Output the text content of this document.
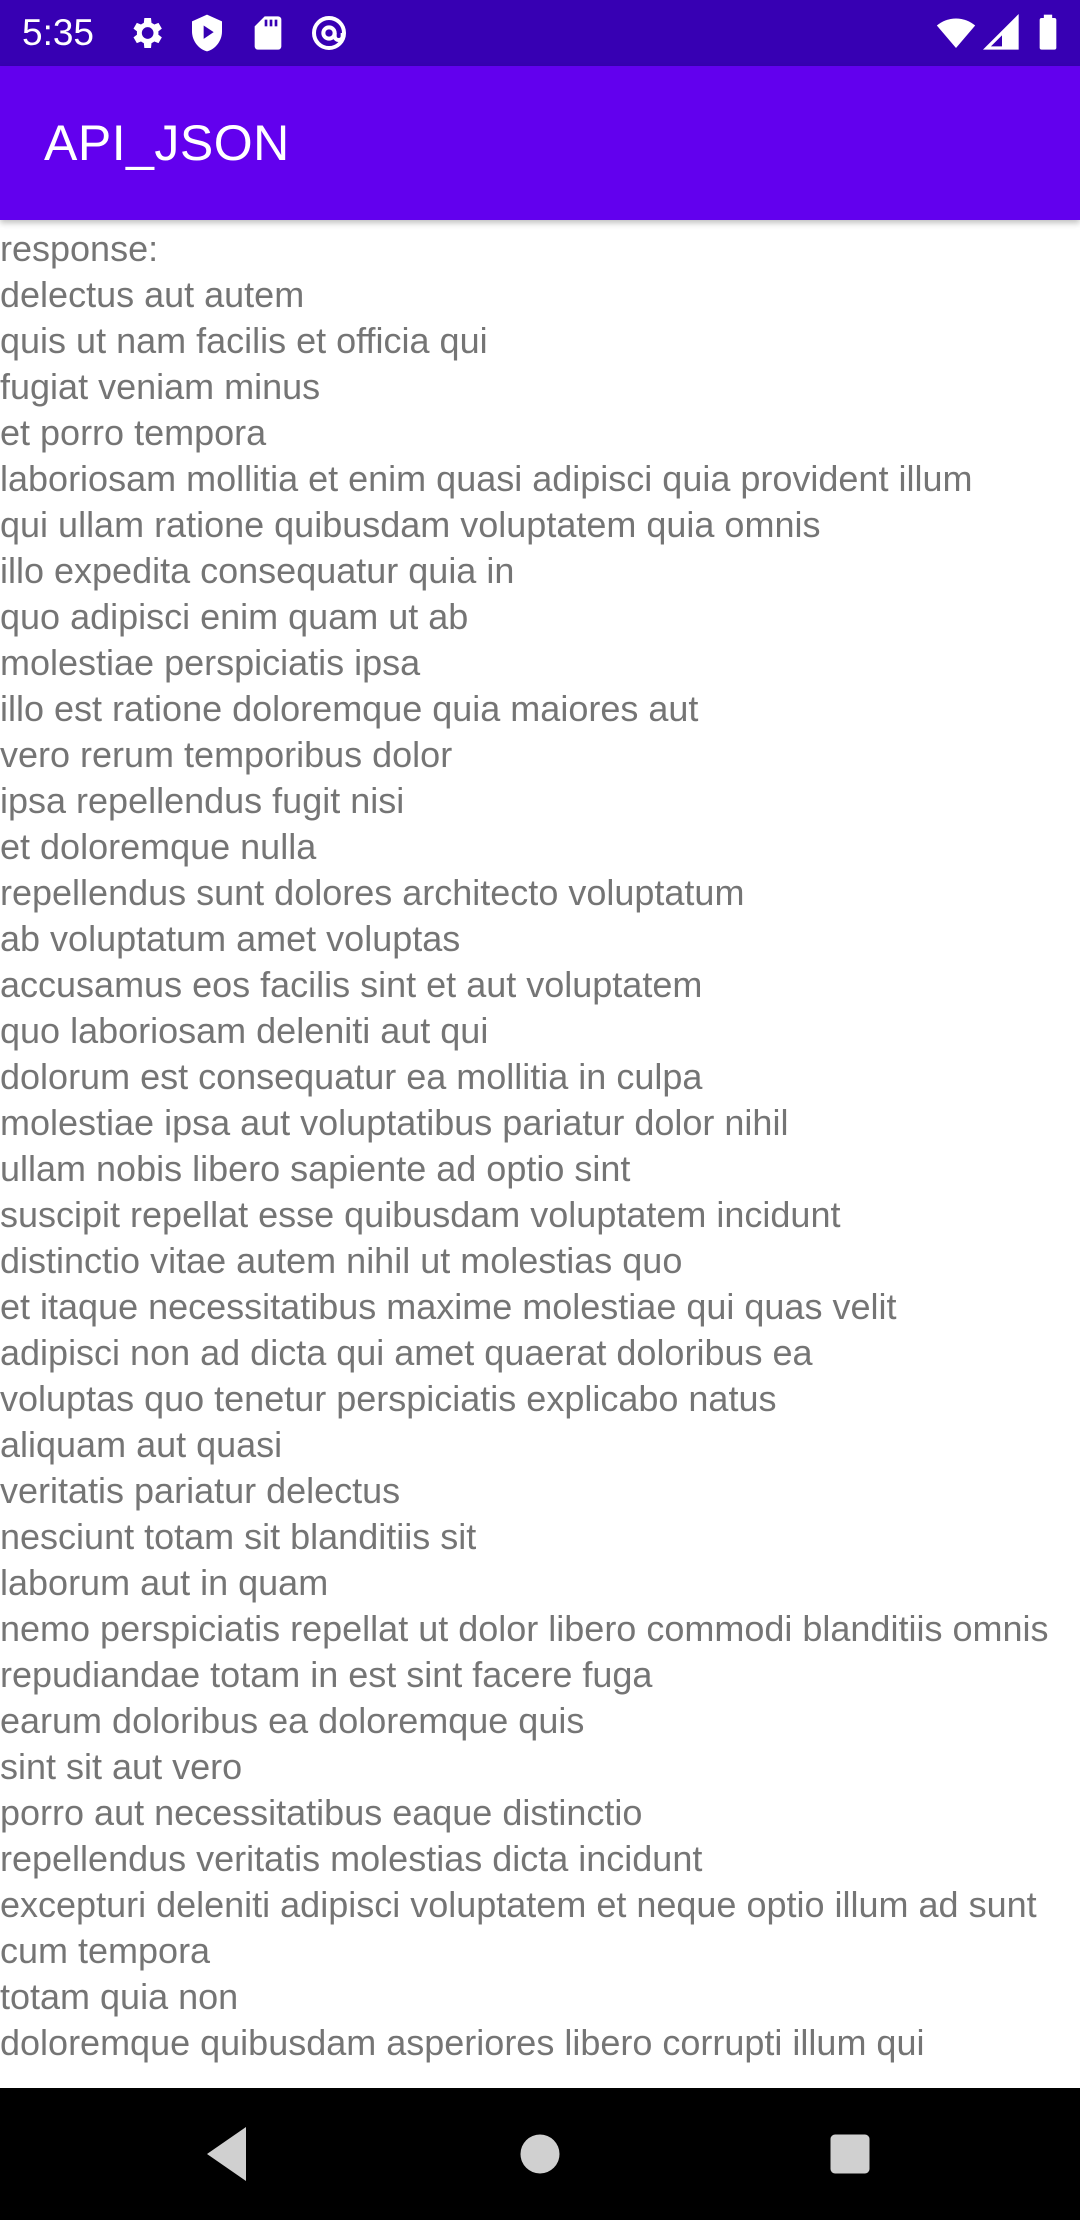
5:35
API_JSON

response:
delectus aut autem
quis ut nam facilis et officia qui
fugiat veniam minus
et porro tempora
laboriosam mollitia et enim quasi adipisci quia provident illum
qui ullam ratione quibusdam voluptatem quia omnis
illo expedita consequatur quia in
quo adipisci enim quam ut ab
molestiae perspiciatis ipsa
illo est ratione doloremque quia maiores aut
vero rerum temporibus dolor
ipsa repellendus fugit nisi
et doloremque nulla
repellendus sunt dolores architecto voluptatum
ab voluptatum amet voluptas
accusamus eos facilis sint et aut voluptatem
quo laboriosam deleniti aut qui
dolorum est consequatur ea mollitia in culpa
molestiae ipsa aut voluptatibus pariatur dolor nihil
ullam nobis libero sapiente ad optio sint
suscipit repellat esse quibusdam voluptatem incidunt
distinctio vitae autem nihil ut molestias quo
et itaque necessitatibus maxime molestiae qui quas velit
adipisci non ad dicta qui amet quaerat doloribus ea
voluptas quo tenetur perspiciatis explicabo natus
aliquam aut quasi
veritatis pariatur delectus
nesciunt totam sit blanditiis sit
laborum aut in quam
nemo perspiciatis repellat ut dolor libero commodi blanditiis omnis
repudiandae totam in est sint facere fuga
earum doloribus ea doloremque quis
sint sit aut vero
porro aut necessitatibus eaque distinctio
repellendus veritatis molestias dicta incidunt
excepturi deleniti adipisci voluptatem et neque optio illum ad sunt cum tempora
totam quia non
doloremque quibusdam asperiores libero corrupti illum qui
